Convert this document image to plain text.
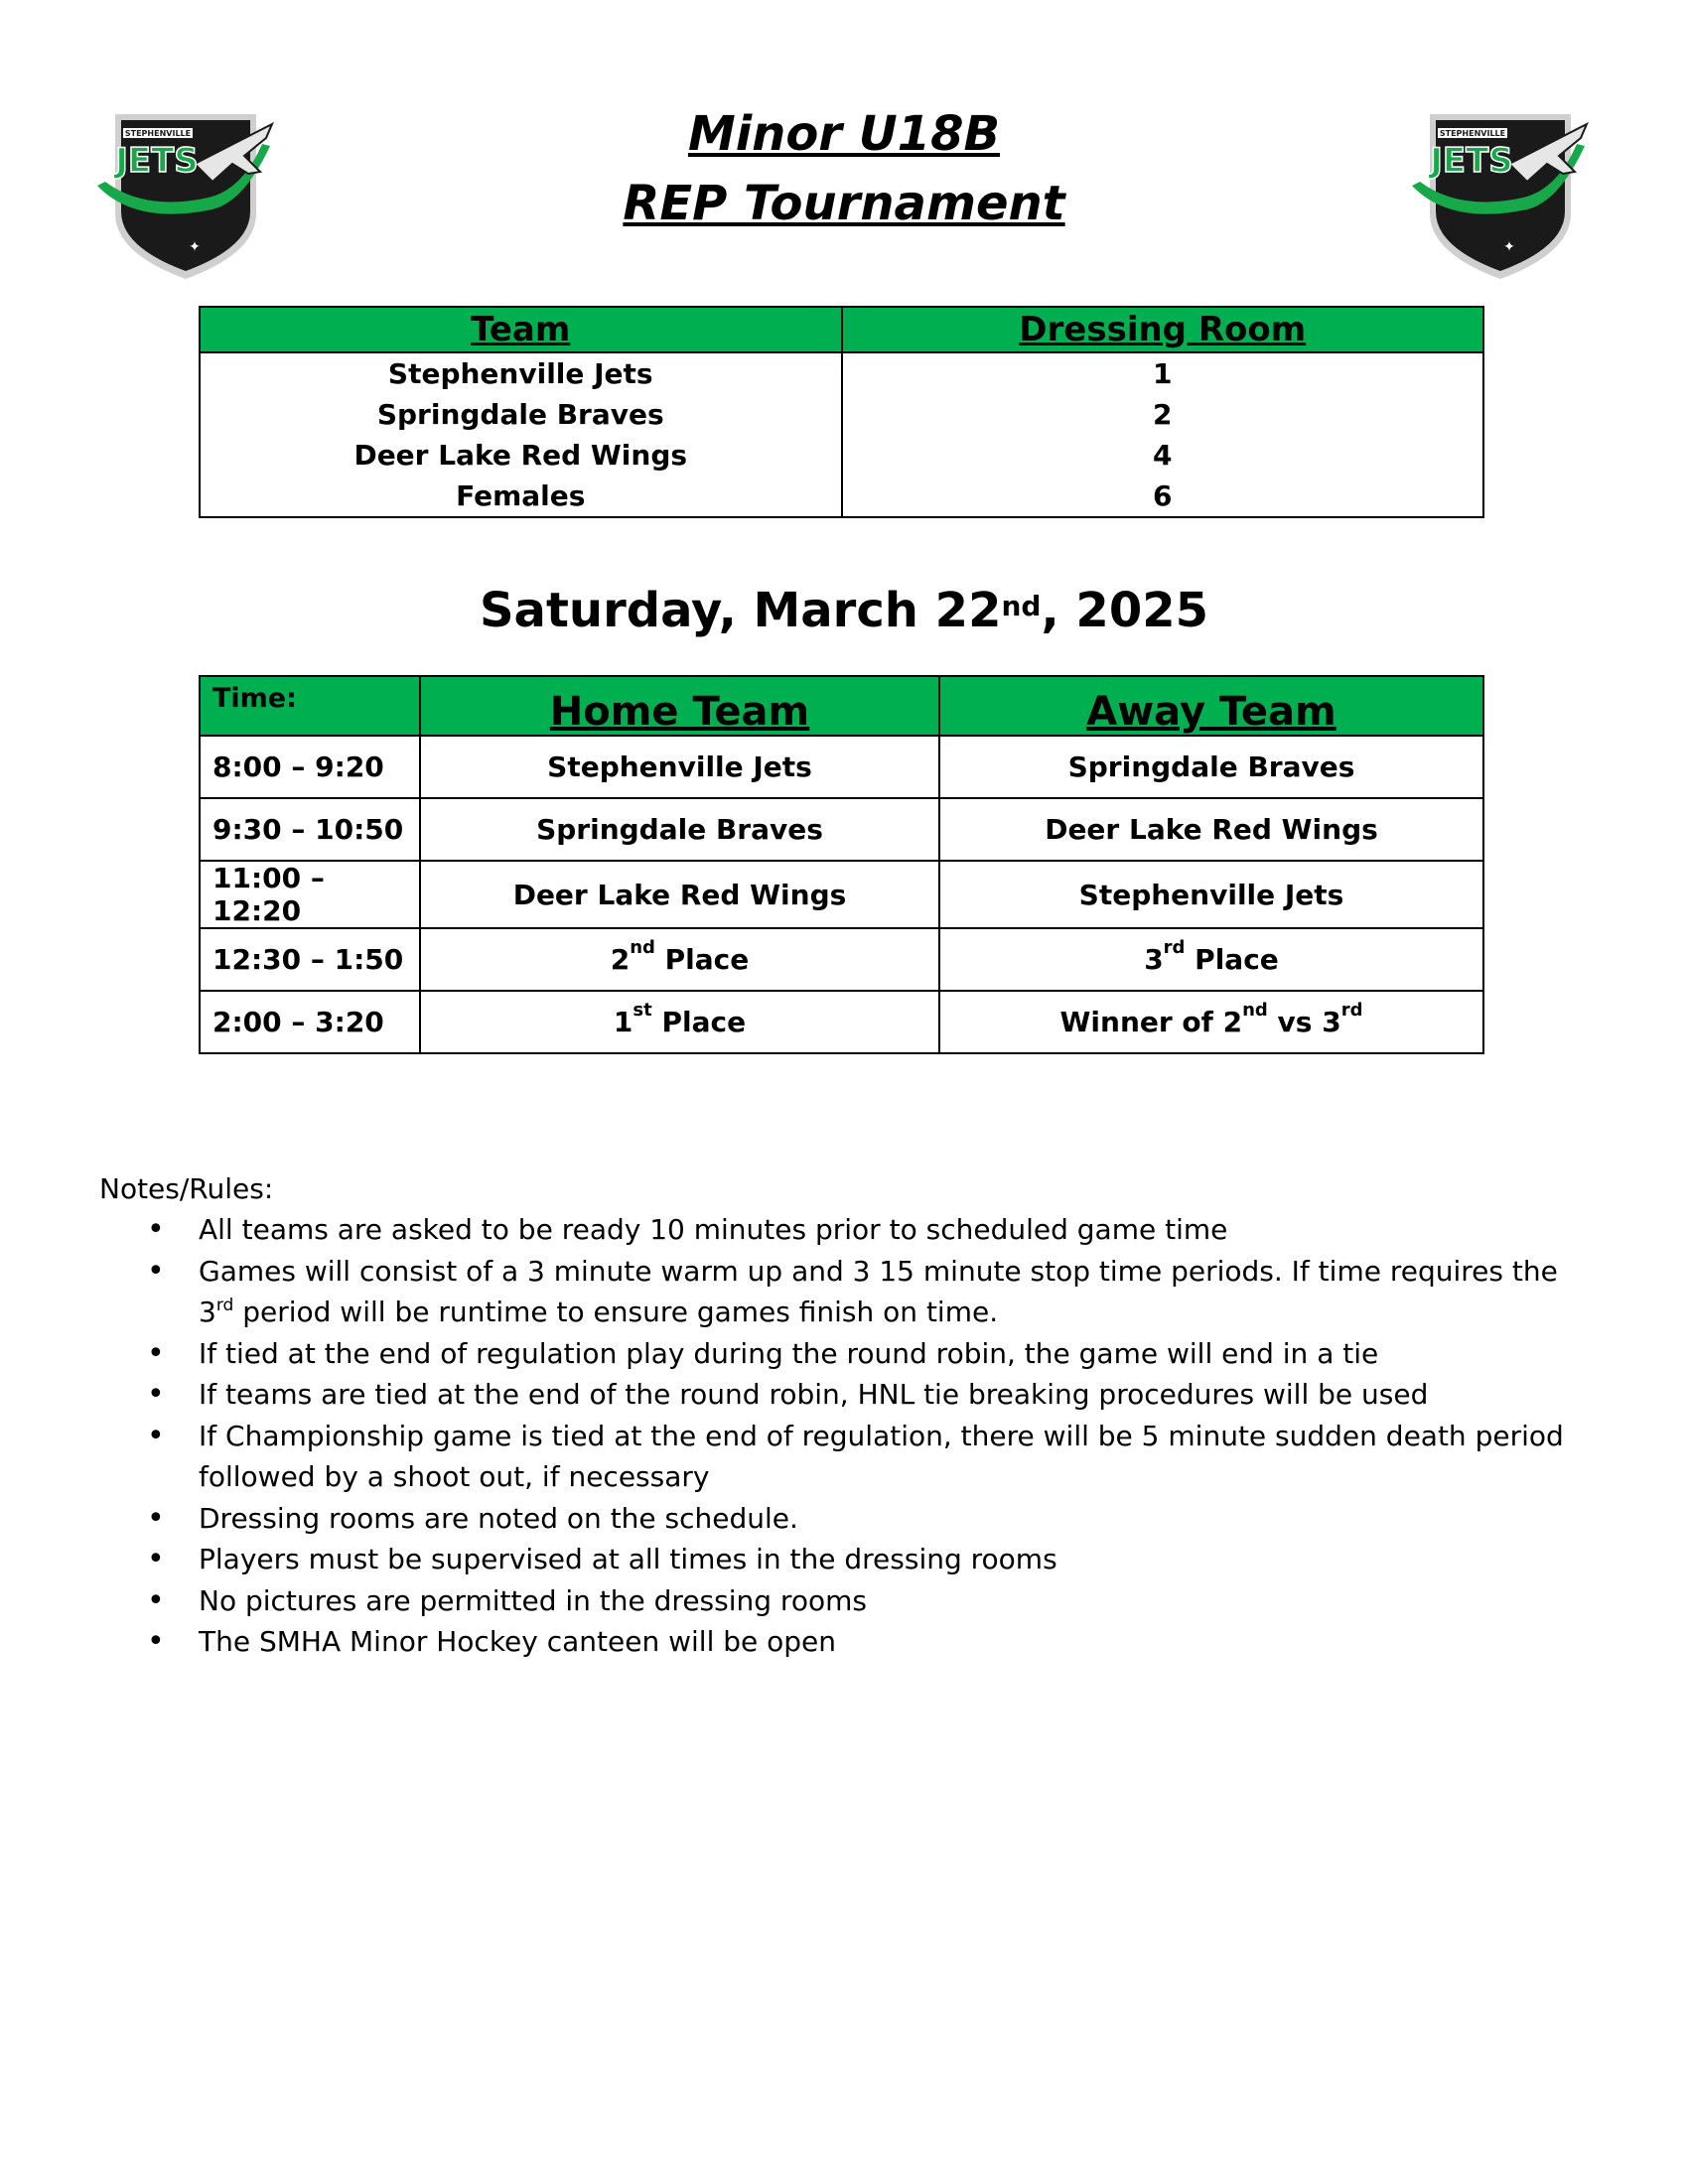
STEPHENVILLE
JETS
✦
STEPHENVILLE
JETS
✦
Minor U18B
REP Tournament
Team	Dressing Room
Stephenville Jets	1
Springdale Braves	2
Deer Lake Red Wings	4
Females	6
Saturday, March 22nd, 2025
Time:	Home Team	Away Team
8:00 – 9:20	Stephenville Jets	Springdale Braves
9:30 – 10:50	Springdale Braves	Deer Lake Red Wings
11:00 – 12:20	Deer Lake Red Wings	Stephenville Jets
12:30 – 1:50	2nd Place	3rd Place
2:00 – 3:20	1st Place	Winner of 2nd vs 3rd
Notes/Rules:
• All teams are asked to be ready 10 minutes prior to scheduled game time
• Games will consist of a 3 minute warm up and 3 15 minute stop time periods. If time requires the 3rd period will be runtime to ensure games finish on time.
• If tied at the end of regulation play during the round robin, the game will end in a tie
• If teams are tied at the end of the round robin, HNL tie breaking procedures will be used
• If Championship game is tied at the end of regulation, there will be 5 minute sudden death period followed by a shoot out, if necessary
• Dressing rooms are noted on the schedule.
• Players must be supervised at all times in the dressing rooms
• No pictures are permitted in the dressing rooms
• The SMHA Minor Hockey canteen will be open
